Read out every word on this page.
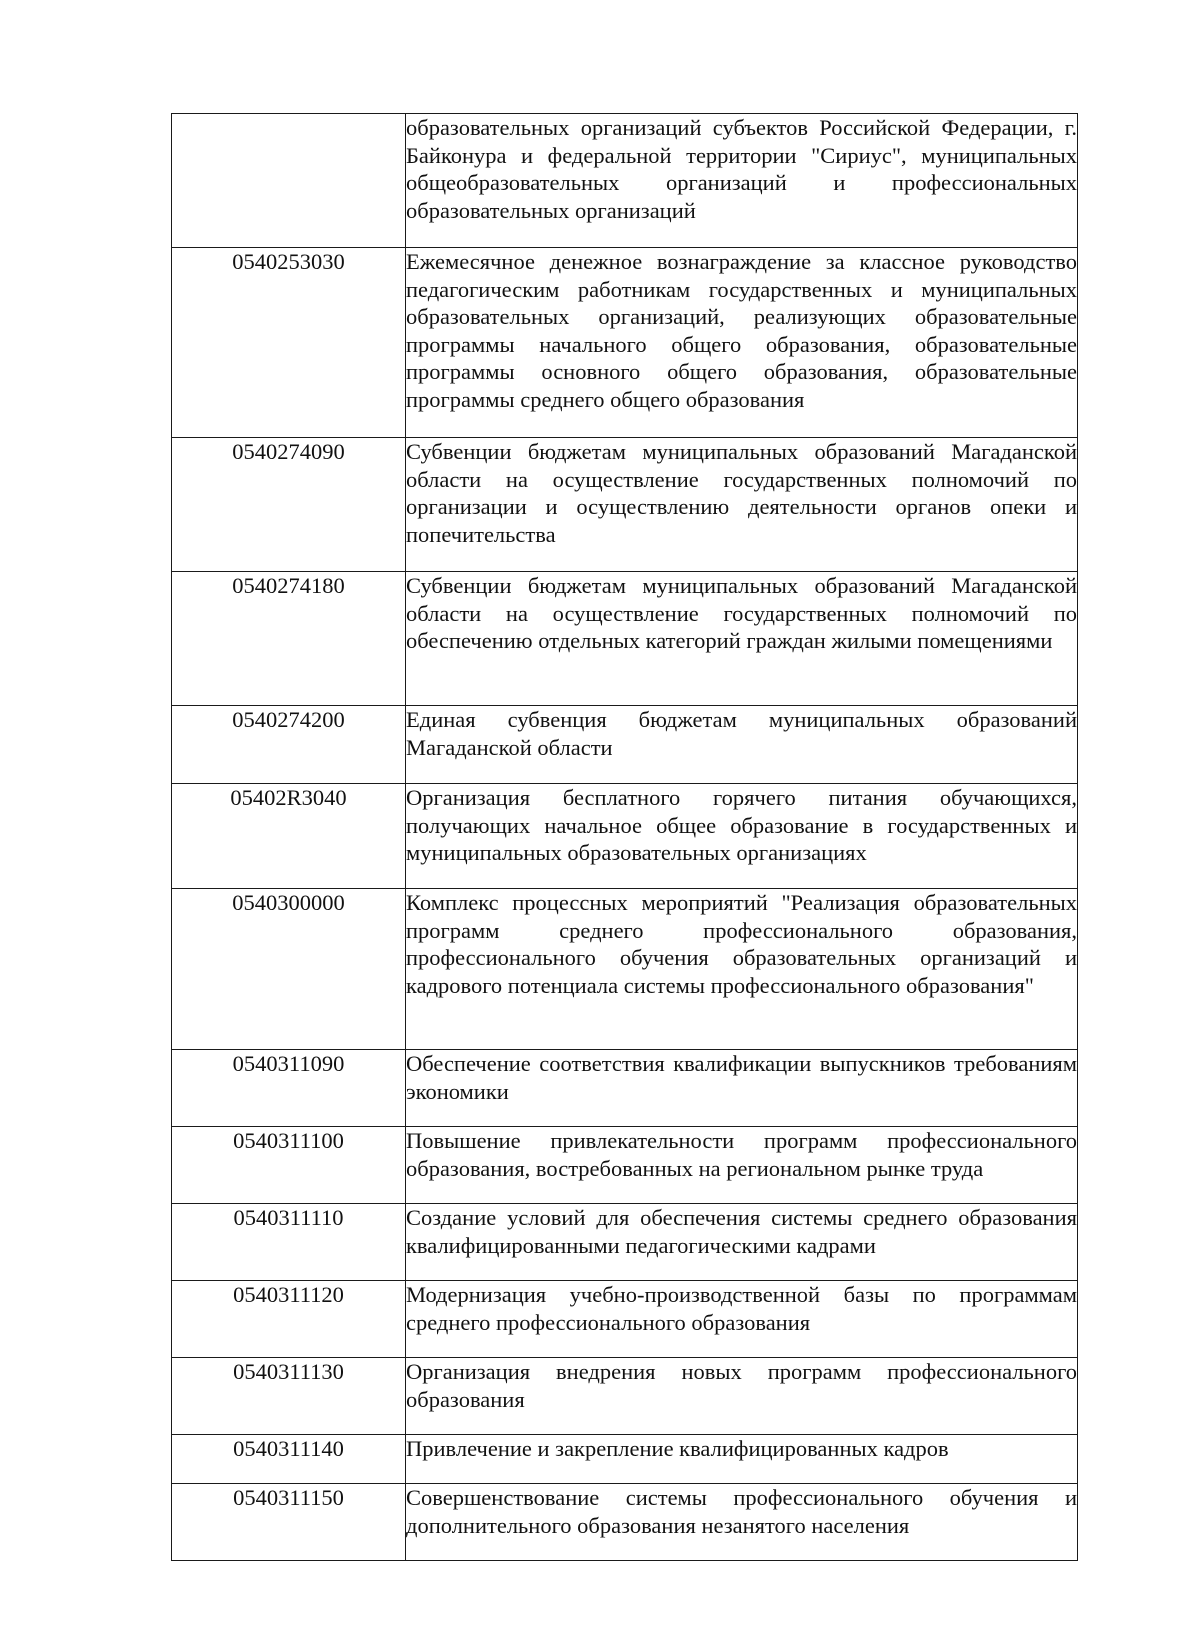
	образовательных организаций субъектов Российской Федерации, г. Байконура и федеральной территории "Сириус", муниципальных общеобразовательных организаций и профессиональных образовательных организаций
0540253030	Ежемесячное денежное вознаграждение за классное руководство педагогическим работникам государственных и муниципальных образовательных организаций, реализующих образовательные программы начального общего образования, образовательные программы основного общего образования, образовательные программы среднего общего образования
0540274090	Субвенции бюджетам муниципальных образований Магаданской области на осуществление государственных полномочий по организации и осуществлению деятельности органов опеки и попечительства
0540274180	Субвенции бюджетам муниципальных образований Магаданской области на осуществление государственных полномочий по обеспечению отдельных категорий граждан жилыми помещениями
0540274200	Единая субвенция бюджетам муниципальных образований Магаданской области
05402R3040	Организация бесплатного горячего питания обучающихся, получающих начальное общее образование в государственных и муниципальных образовательных организациях
0540300000	Комплекс процессных мероприятий "Реализация образовательных программ среднего профессионального образования, профессионального обучения образовательных организаций и кадрового потенциала системы профессионального образования"
0540311090	Обеспечение соответствия квалификации выпускников требованиям экономики
0540311100	Повышение привлекательности программ профессионального образования, востребованных на региональном рынке труда
0540311110	Создание условий для обеспечения системы среднего образования квалифицированными педагогическими кадрами
0540311120	Модернизация учебно-производственной базы по программам среднего профессионального образования
0540311130	Организация внедрения новых программ профессионального образования
0540311140	Привлечение и закрепление квалифицированных кадров
0540311150	Совершенствование системы профессионального обучения и дополнительного образования незанятого населения
